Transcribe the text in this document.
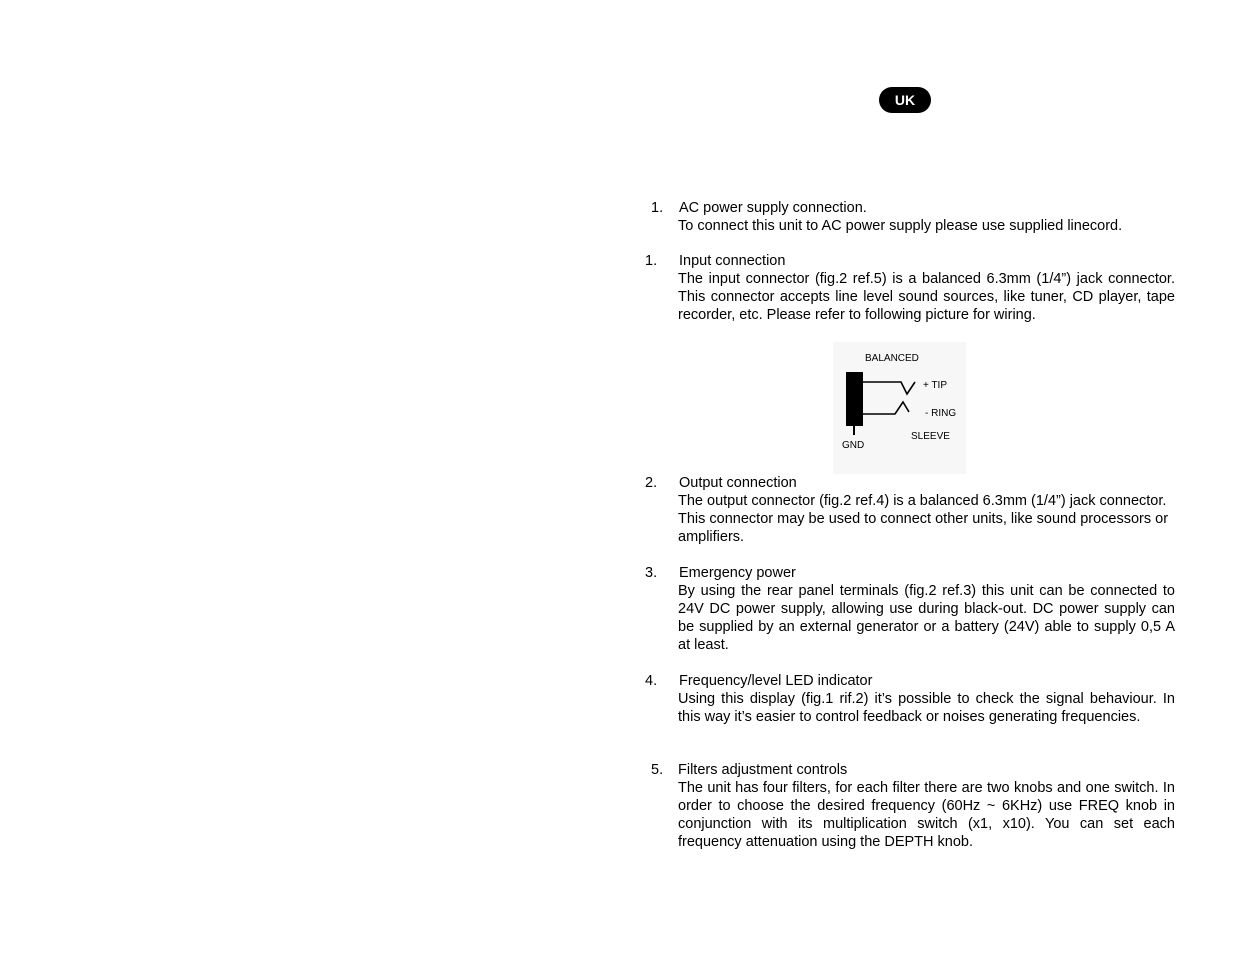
UK
1. AC power supply connection.
To connect this unit to AC power supply please use supplied linecord.
1. Input connection
The input connector (fig.2 ref.5) is a balanced 6.3mm (1/4”) jack connector. This connector accepts line level sound sources, like tuner, CD player, tape recorder, etc. Please refer to following picture for wiring.
BALANCED
+ TIP
- RING
SLEEVE
GND
2. Output connection
The output connector (fig.2 ref.4) is a balanced 6.3mm (1/4”) jack connector. This connector may be used to connect other units, like sound processors or amplifiers.
3. Emergency power
By using the rear panel terminals (fig.2 ref.3) this unit can be connected to 24V DC power supply, allowing use during black-out. DC power supply can be supplied by an external generator or a battery (24V) able to supply 0,5 A at least.
4. Frequency/level LED indicator
Using this display (fig.1 rif.2) it’s possible to check the signal behaviour. In this way it’s easier to control feedback or noises generating frequencies.
5. Filters adjustment controls
The unit has four filters, for each filter there are two knobs and one switch. In order to choose the desired frequency (60Hz ~ 6KHz) use FREQ knob in conjunction with its multiplication switch (x1, x10). You can set each frequency attenuation using the DEPTH knob.
